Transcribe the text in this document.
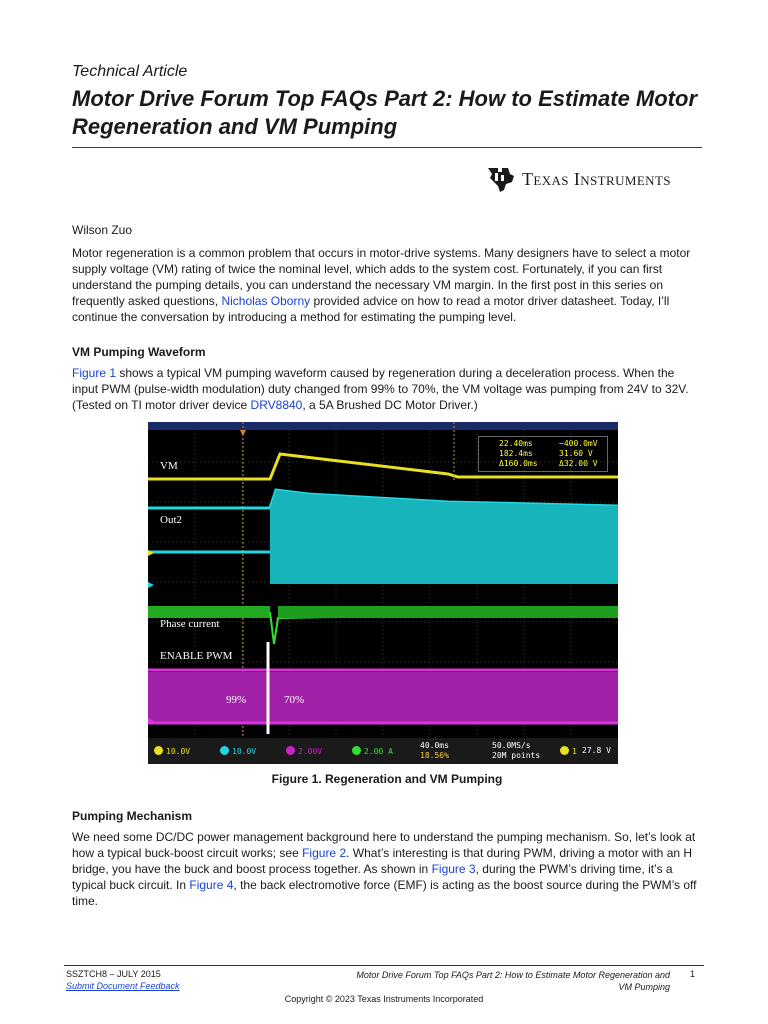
Technical Article
Motor Drive Forum Top FAQs Part 2: How to Estimate Motor Regeneration and VM Pumping
Texas Instruments
Wilson Zuo
Motor regeneration is a common problem that occurs in motor-drive systems. Many designers have to select a motor supply voltage (VM) rating of twice the nominal level, which adds to the system cost. Fortunately, if you can first understand the pumping details, you can understand the necessary VM margin. In the first post in this series on frequently asked questions, Nicholas Oborny provided advice on how to read a motor driver datasheet. Today, I’ll continue the conversation by introducing a method for estimating the pumping level.
VM Pumping Waveform
Figure 1 shows a typical VM pumping waveform caused by regeneration during a deceleration process. When the input PWM (pulse-width modulation) duty changed from 99% to 70%, the VM voltage was pumping from 24V to 32V. (Tested on TI motor driver device DRV8840, a 5A Brushed DC Motor Driver.)
VM
Out2
Phase current
ENABLE PWM
99%	70%
22.40ms	−400.0mV
182.4ms	31.60 V
Δ160.0ms	Δ32.00 V
10.0V	10.0V	2.00V	2.00 A
40.0ms
18.56%
50.0MS/s
20M points	1 27.8 V
Figure 1. Regeneration and VM Pumping
Pumping Mechanism
We need some DC/DC power management background here to understand the pumping mechanism. So, let’s look at how a typical buck-boost circuit works; see Figure 2. What’s interesting is that during PWM, driving a motor with an H bridge, you have the buck and boost process together. As shown in Figure 3, during the PWM’s driving time, it’s a typical buck circuit. In Figure 4, the back electromotive force (EMF) is acting as the boost source during the PWM’s off time.
SSZTCH8 – JULY 2015
Submit Document Feedback
Motor Drive Forum Top FAQs Part 2: How to Estimate Motor Regeneration and VM Pumping
1
Copyright © 2023 Texas Instruments Incorporated
